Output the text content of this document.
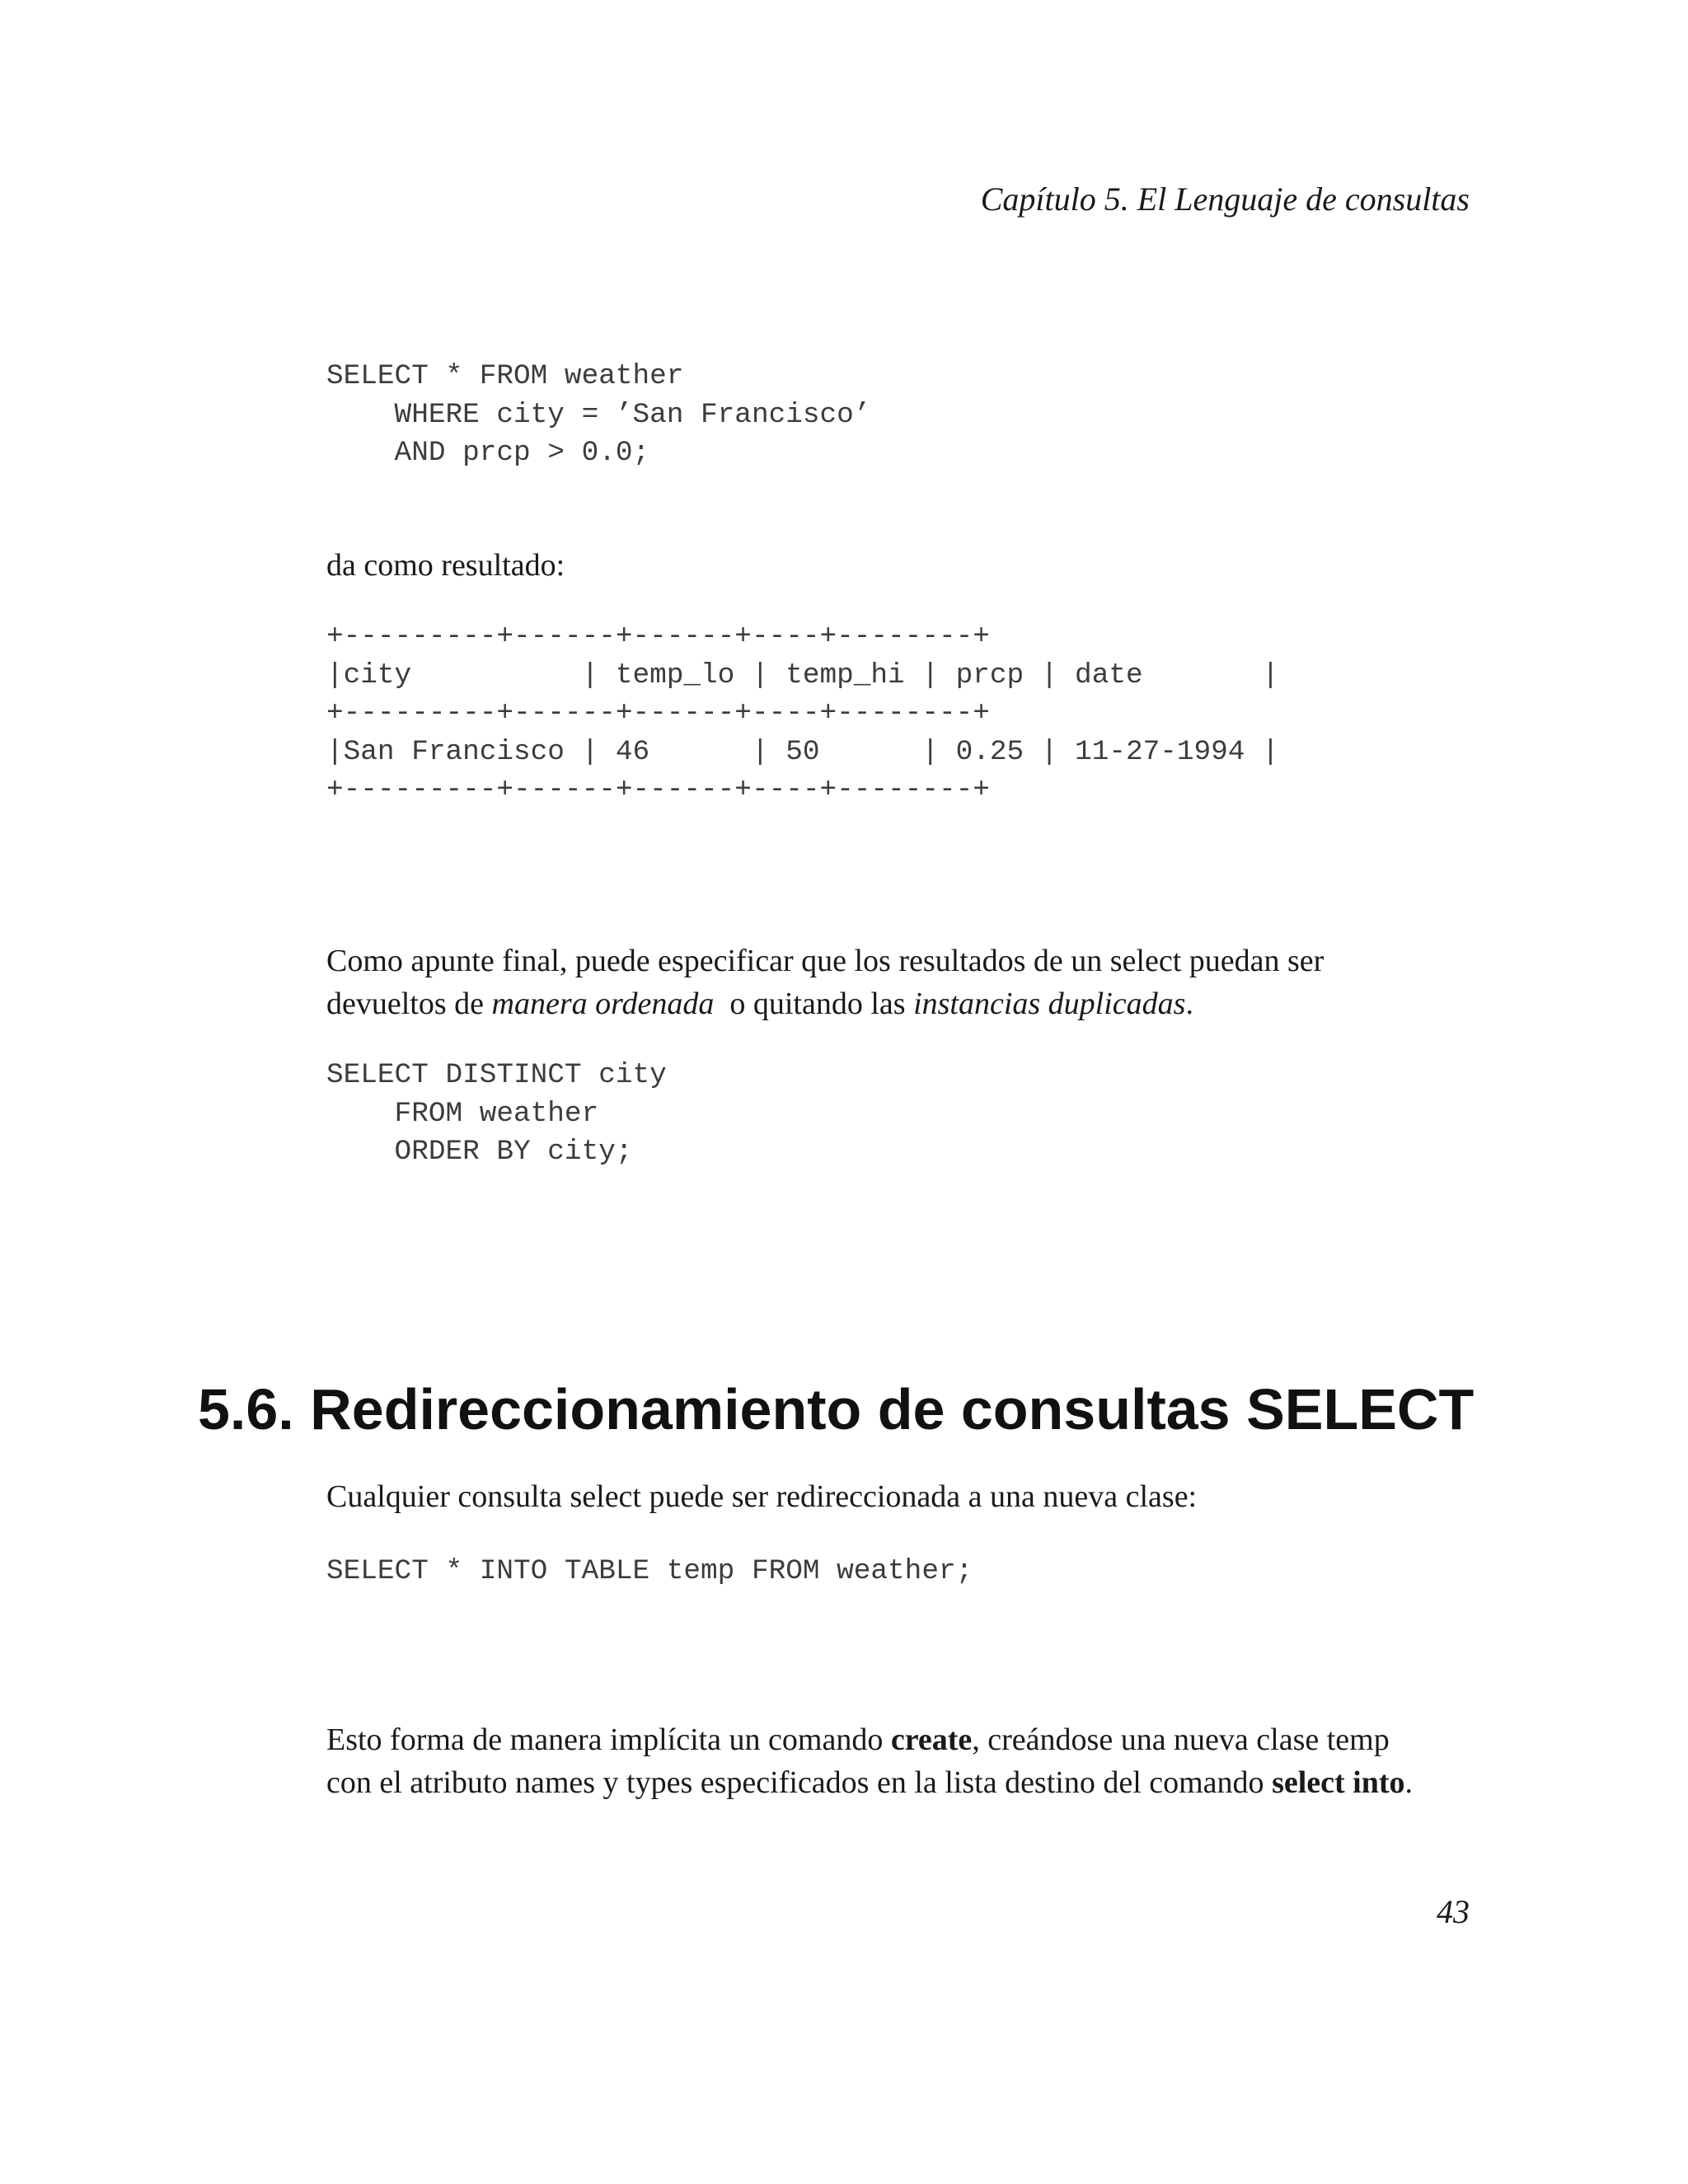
Capítulo 5. El Lenguaje de consultas
SELECT * FROM weather
WHERE city = ’San Francisco’
AND prcp > 0.0;
da como resultado:
+---------+------+------+----+--------+
|city          | temp_lo | temp_hi | prcp | date       |
+---------+------+------+----+--------+
|San Francisco | 46      | 50      | 0.25 | 11-27-1994 |
+---------+------+------+----+--------+
Como apunte final, puede especificar que los resultados de un select puedan ser
devueltos de manera ordenada  o quitando las instancias duplicadas.
SELECT DISTINCT city
FROM weather
ORDER BY city;
5.6. Redireccionamiento de consultas SELECT
Cualquier consulta select puede ser redireccionada a una nueva clase:
SELECT * INTO TABLE temp FROM weather;
Esto forma de manera implícita un comando create, creándose una nueva clase temp
con el atributo names y types especificados en la lista destino del comando select into.
43
